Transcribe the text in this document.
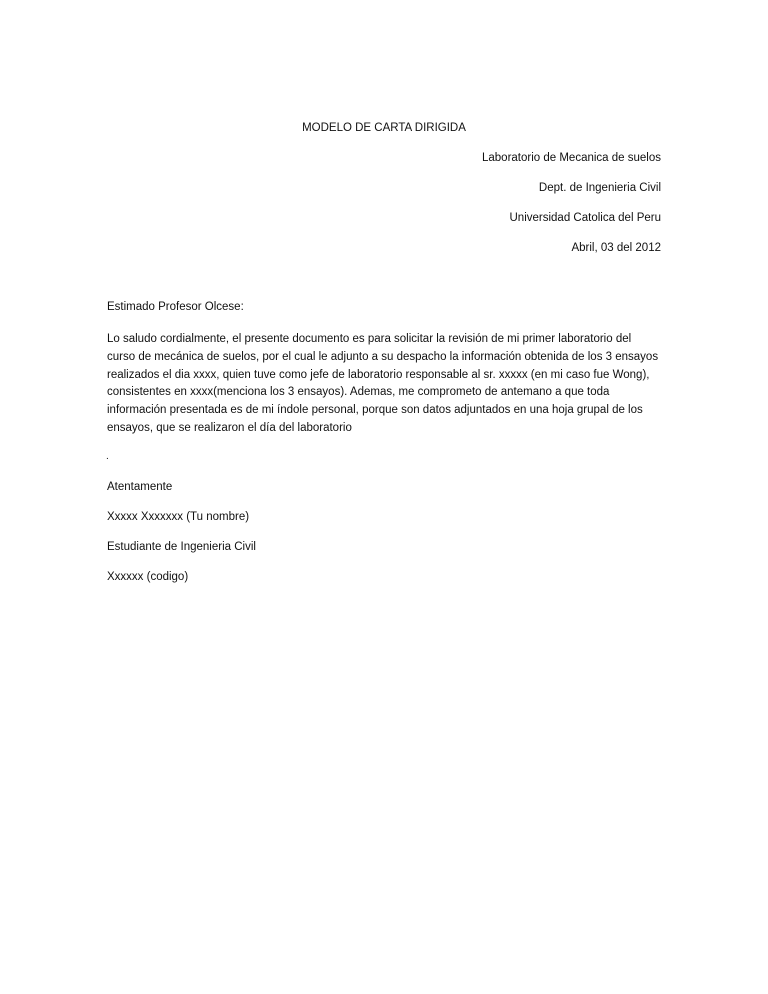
MODELO DE CARTA DIRIGIDA
Laboratorio de Mecanica de suelos
Dept. de Ingenieria Civil
Universidad Catolica del Peru
Abril, 03 del 2012
Estimado Profesor Olcese:
Lo saludo cordialmente, el presente documento es para solicitar la revisión de mi primer laboratorio del
curso de mecánica de suelos, por el cual le adjunto a su despacho la información obtenida de los 3 ensayos
realizados el dia xxxx, quien tuve como jefe de laboratorio responsable al sr. xxxxx (en mi caso fue Wong),
consistentes en xxxx(menciona los 3 ensayos). Ademas, me comprometo de antemano a que toda
información presentada es de mi índole personal, porque son datos adjuntados en una hoja grupal de los
ensayos, que se realizaron el día del laboratorio
.
Atentamente
Xxxxx Xxxxxxx (Tu nombre)
Estudiante de Ingenieria Civil
Xxxxxx (codigo)
